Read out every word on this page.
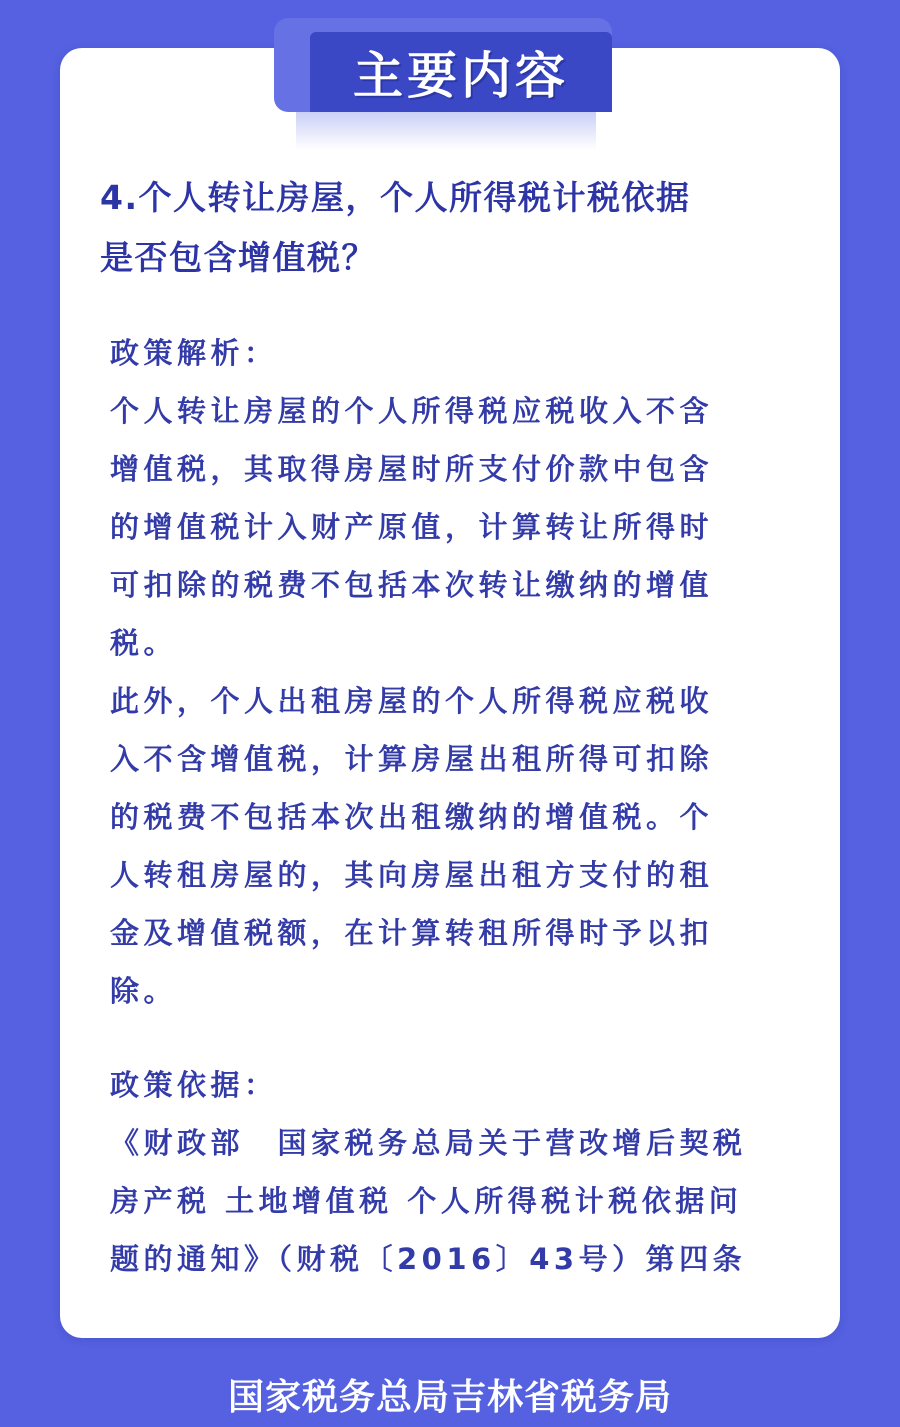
主要内容
4.个人转让房屋，个人所得税计税依据
是否包含增值税？

政策解析：

个人转让房屋的个人所得税应税收入不含
增值税，其取得房屋时所支付价款中包含
的增值税计入财产原值，计算转让所得时
可扣除的税费不包括本次转让缴纳的增值
税。

此外，个人出租房屋的个人所得税应税收
入不含增值税，计算房屋出租所得可扣除
的税费不包括本次出租缴纳的增值税。个
人转租房屋的，其向房屋出租方支付的租
金及增值税额，在计算转租所得时予以扣
除。

政策依据：

《财政部　国家税务总局关于营改增后契税
房产税 土地增值税 个人所得税计税依据问
题的通知》（财税〔2016〕43号）第四条

国家税务总局吉林省税务局
